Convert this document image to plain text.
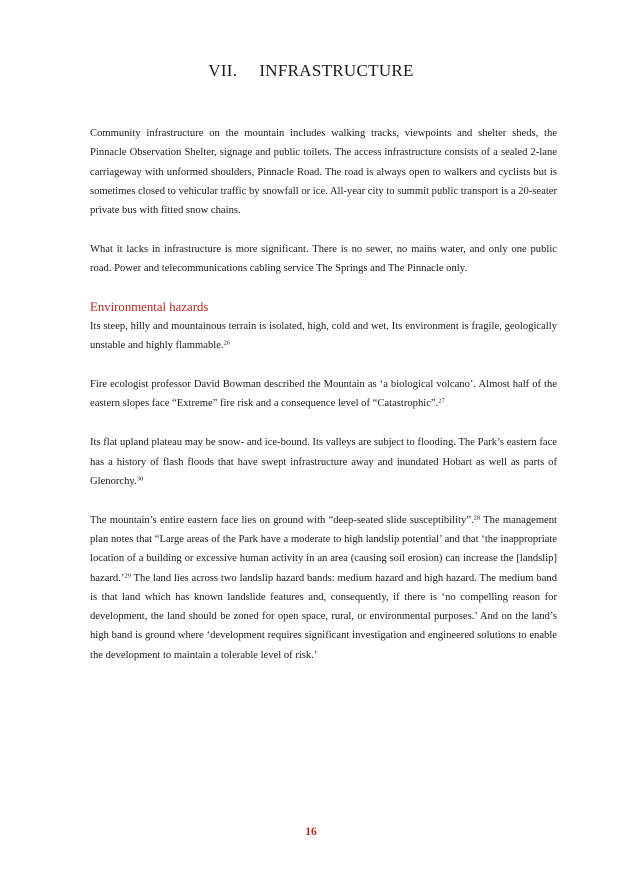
VII. INFRASTRUCTURE

Community infrastructure on the mountain includes walking tracks, viewpoints and shelter sheds, the Pinnacle Observation Shelter, signage and public toilets. The access infrastructure consists of a sealed 2-lane carriageway with unformed shoulders, Pinnacle Road. The road is always open to walkers and cyclists but is sometimes closed to vehicular traffic by snowfall or ice. All-year city to summit public transport is a 20-seater private bus with fitted snow chains.

What it lacks in infrastructure is more significant. There is no sewer, no mains water, and only one public road. Power and telecommunications cabling service The Springs and The Pinnacle only.

Environmental hazards

Its steep, hilly and mountainous terrain is isolated, high, cold and wet. Its environment is fragile, geologically unstable and highly flammable.$^{26}$

Fire ecologist professor David Bowman described the Mountain as ‘a biological volcano’. Almost half of the eastern slopes face “Extreme” fire risk and a consequence level of “Catastrophic”.$^{27}$

Its flat upland plateau may be snow- and ice-bound. Its valleys are subject to flooding. The Park’s eastern face has a history of flash floods that have swept infrastructure away and inundated Hobart as well as parts of Glenorchy.$^{30}$

The mountain’s entire eastern face lies on ground with “deep-seated slide susceptibility”.$^{28}$ The management plan notes that “Large areas of the Park have a moderate to high landslip potential’ and that ‘the inappropriate location of a building or excessive human activity in an area (causing soil erosion) can increase the [landslip] hazard.’$^{29}$ The land lies across two landslip hazard bands: medium hazard and high hazard. The medium band is that land which has known landslide features and, consequently, if there is ‘no compelling reason for development, the land should be zoned for open space, rural, or environmental purposes.’ And on the land’s high band is ground where ‘development requires significant investigation and engineered solutions to enable the development to maintain a tolerable level of risk.’

16
